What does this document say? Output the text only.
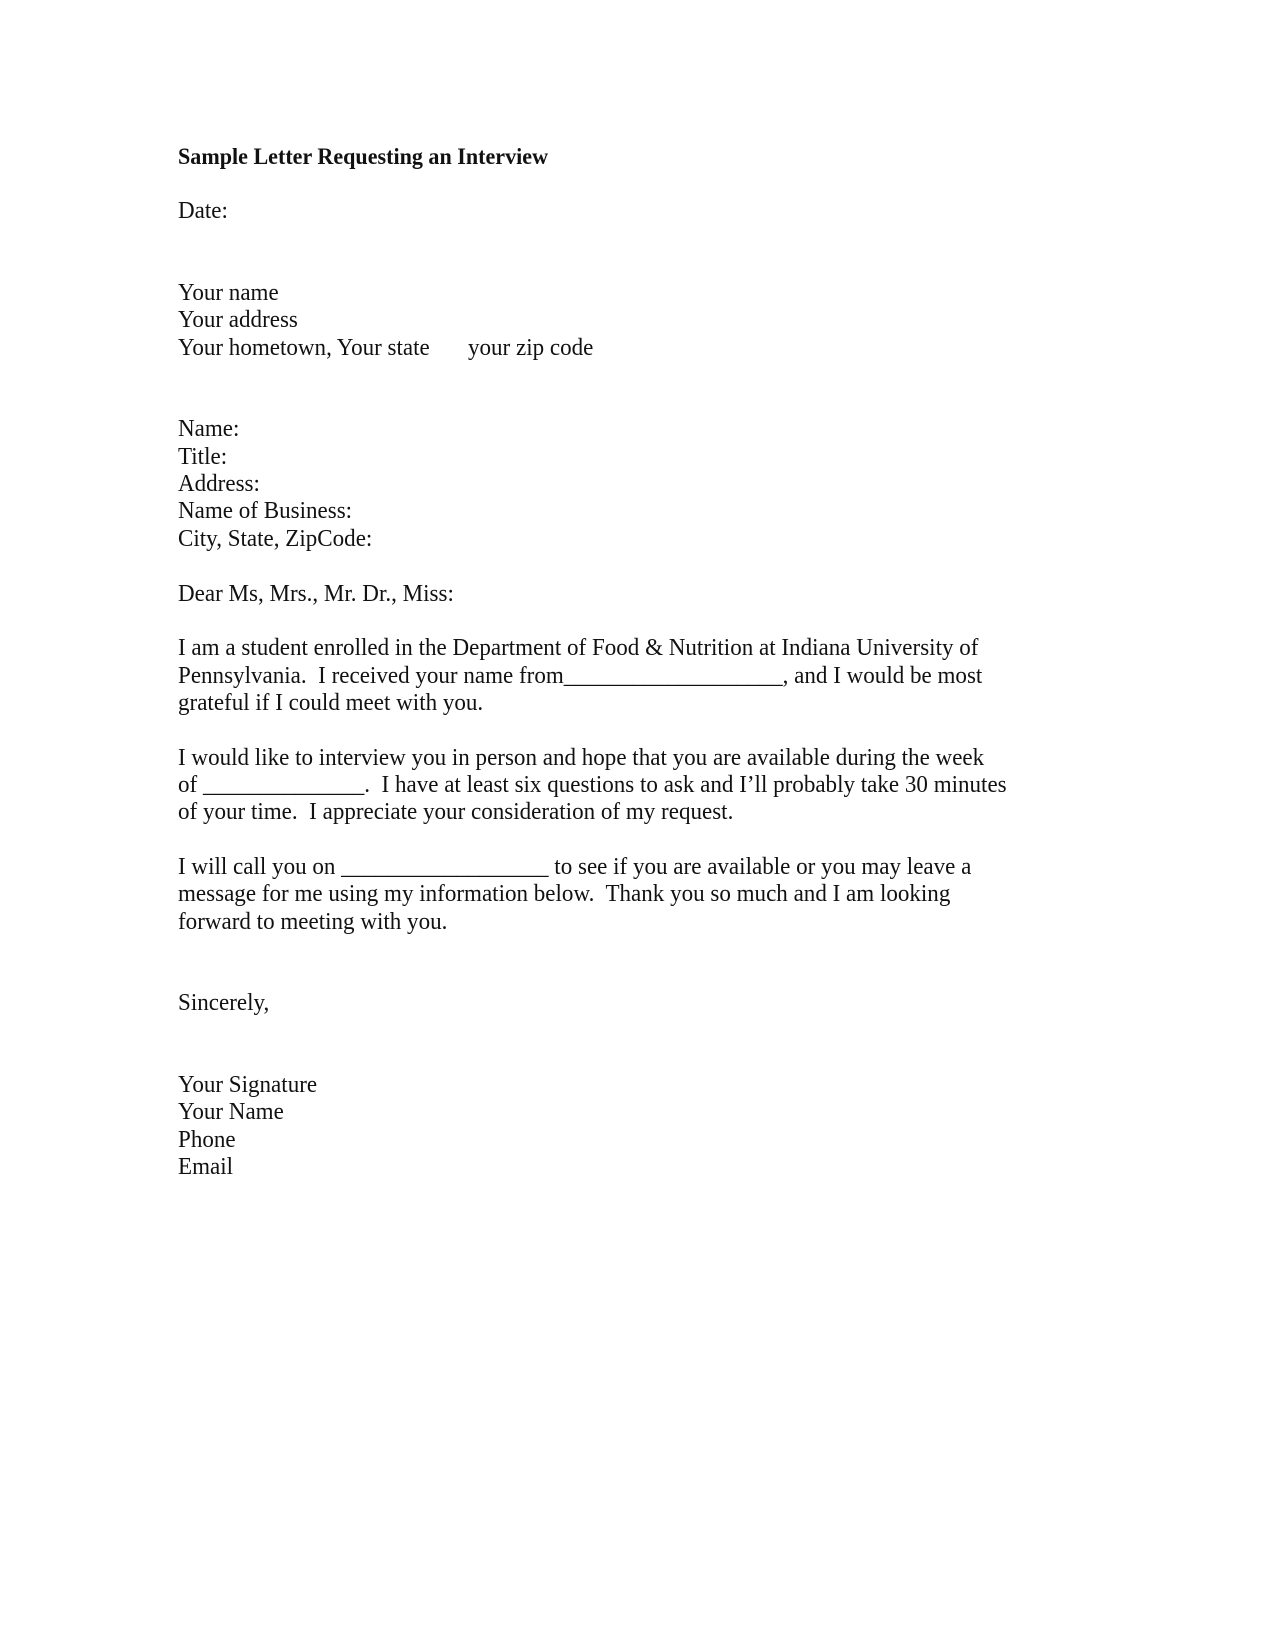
Sample Letter Requesting an Interview
Date:
Your name
Your address
Your hometown, Your state your zip code
Name:
Title:
Address:
Name of Business:
City, State, ZipCode:
Dear Ms, Mrs., Mr. Dr., Miss:
I am a student enrolled in the Department of Food & Nutrition at Indiana University of
Pennsylvania.  I received your name from___________________, and I would be most
grateful if I could meet with you.
I would like to interview you in person and hope that you are available during the week
of ______________.  I have at least six questions to ask and I’ll probably take 30 minutes
of your time.  I appreciate your consideration of my request.
I will call you on __________________ to see if you are available or you may leave a
message for me using my information below.  Thank you so much and I am looking
forward to meeting with you.
Sincerely,
Your Signature
Your Name
Phone
Email
